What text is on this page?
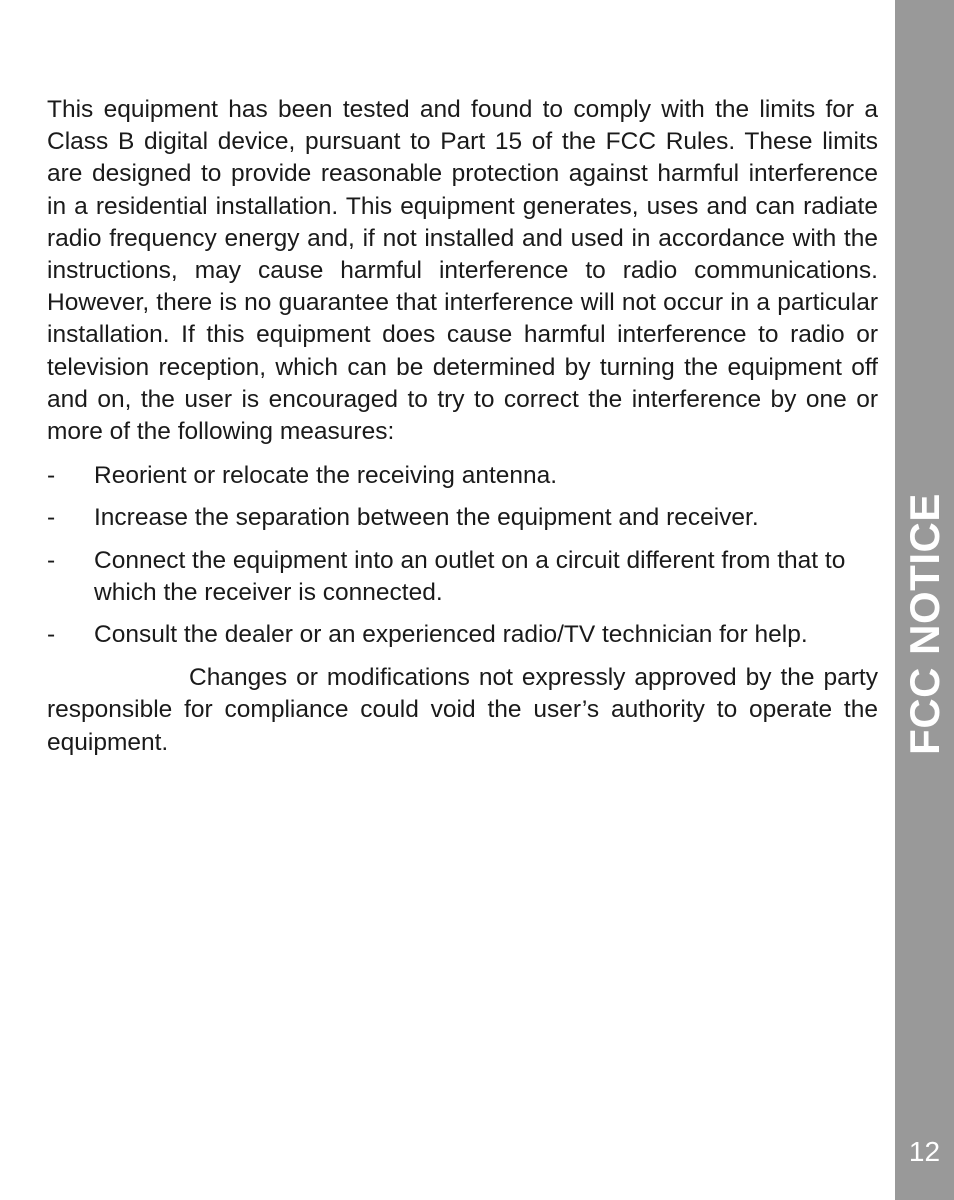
This equipment has been tested and found to comply with the limits for a Class B digital device, pursuant to Part 15 of the FCC Rules. These limits are designed to provide reasonable protection against harmful interference in a residential installation. This equipment generates, uses and can radiate radio frequency energy and, if not installed and used in accordance with the instructions, may cause harmful interference to radio communications. However, there is no guarantee that interference will not occur in a particular installation. If this equipment does cause harmful interference to radio or television reception, which can be determined by turning the equipment off and on, the user is encouraged to try to correct the interference by one or more of the following measures:

- Reorient or relocate the receiving antenna.
- Increase the separation between the equipment and receiver.
- Connect the equipment into an outlet on a circuit different from that to which the receiver is connected.
- Consult the dealer or an experienced radio/TV technician for help.

Changes or modifications not expressly approved by the party responsible for compliance could void the user’s authority to operate the equipment.	FCC NOTICE
12
